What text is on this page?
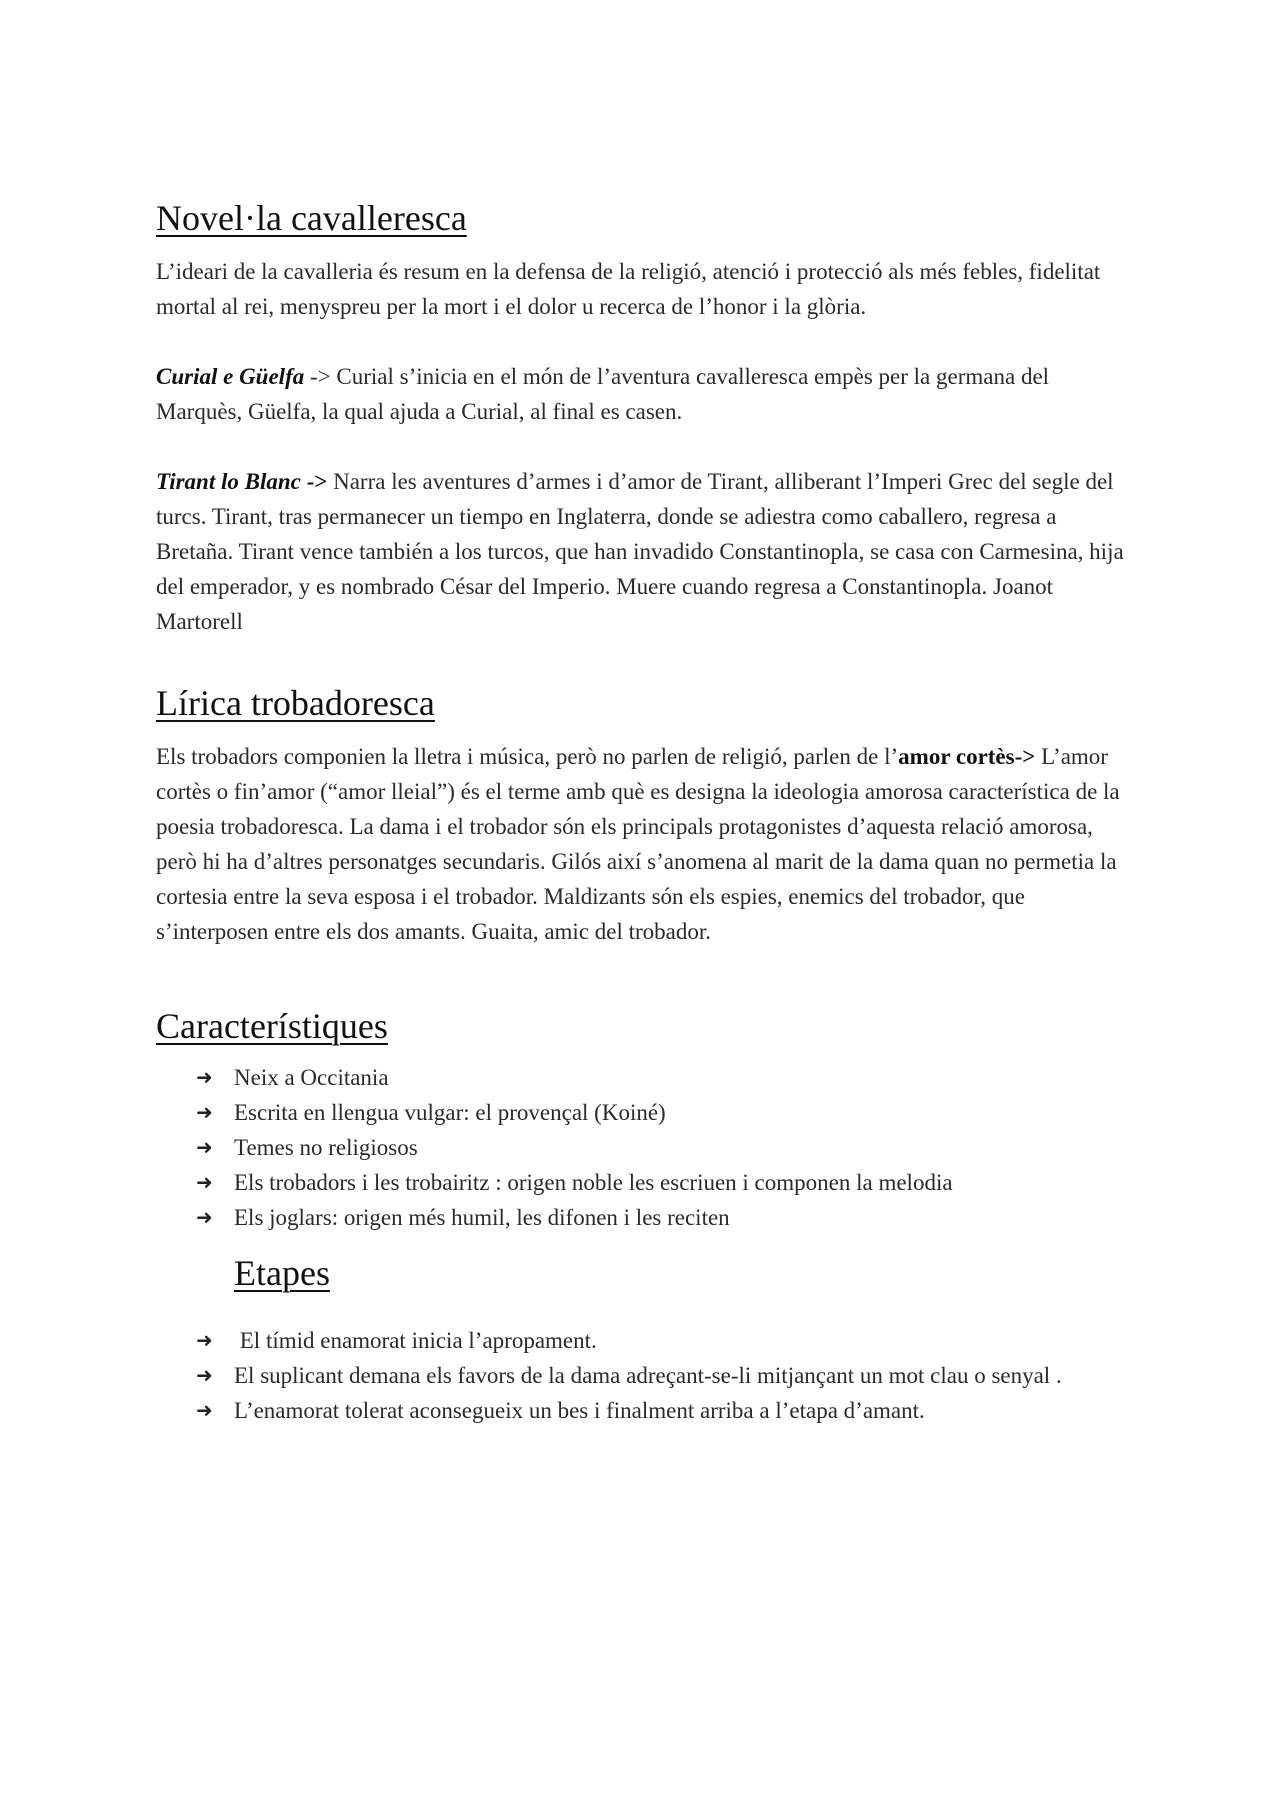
Novel·la cavalleresca

L’ideari de la cavalleria és resum en la defensa de la religió, atenció i protecció als més febles, fidelitat mortal al rei, menyspreu per la mort i el dolor u recerca de l’honor i la glòria.

Curial e Güelfa -> Curial s’inicia en el món de l’aventura cavalleresca empès per la germana del Marquès, Güelfa, la qual ajuda a Curial, al final es casen.

Tirant lo Blanc -> Narra les aventures d’armes i d’amor de Tirant, alliberant l’Imperi Grec del segle del turcs. Tirant, tras permanecer un tiempo en Inglaterra, donde se adiestra como caballero, regresa a Bretaña. Tirant vence también a los turcos, que han invadido Constantinopla, se casa con Carmesina, hija del emperador, y es nombrado César del Imperio. Muere cuando regresa a Constantinopla. Joanot Martorell

Lírica trobadoresca

Els trobadors componien la lletra i música, però no parlen de religió, parlen de l’amor cortès-> L’amor cortès o fin’amor (“amor lleial”) és el terme amb què es designa la ideologia amorosa característica de la poesia trobadoresca. La dama i el trobador són els principals protagonistes d’aquesta relació amorosa, però hi ha d’altres personatges secundaris. Gilós així s’anomena al marit de la dama quan no permetia la cortesia entre la seva esposa i el trobador. Maldizants són els espies, enemics del trobador, que s’interposen entre els dos amants. Guaita, amic del trobador.

Característiques
➜ Neix a Occitania
➜ Escrita en llengua vulgar: el provençal (Koiné)
➜ Temes no religiosos
➜ Els trobadors i les trobairitz : origen noble les escriuen i componen la melodia
➜ Els joglars: origen més humil, les difonen i les reciten
Etapes
➜ El tímid enamorat inicia l’apropament.
➜ El suplicant demana els favors de la dama adreçant-se-li mitjançant un mot clau o senyal .
➜ L’enamorat tolerat aconsegueix un bes i finalment arriba a l’etapa d’amant.
